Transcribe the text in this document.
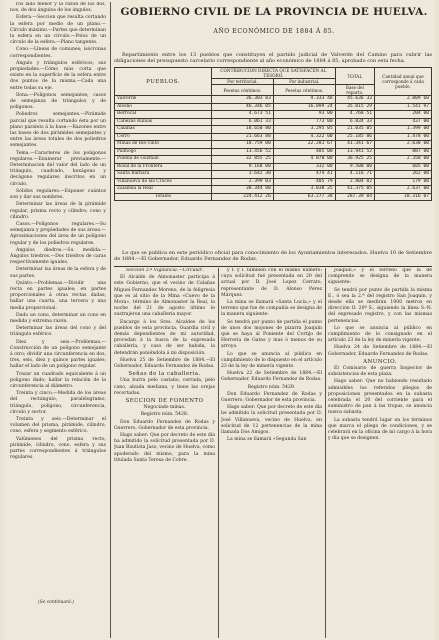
GOBIERNO CIVIL DE LA PROVINCIA DE HUELVA.
AÑO ECONÓMICO DE 1884 Á 85.

Repartimiento entre los 13 pueblos que constituyen el partido judicial de Valverde del Camino para cubrir las obligaciones del presupuesto carcelario correspondiente al año económico de 1884 á 85, aprobado con esta fecha.

PUEBLOS.	CONTRIBUCION DIRECTA QUE SATISFACEN AL TESORO.		TOTAL	Cantidad anual que corresponde á cada pueblo.
	Por territorial.	Por industrial.		
	Pesetas céntimos.	Pesetas céntimos.	Base del reparto.	
Valverde	36.303 83	9.333 48	45.636 33	2.009 60
Alosno	46.346 05	16.099 24	35.015 29	1.541 97
Berrocal	4.673 51	93 00	4.768 51	204 00
Cabezas Rubias	6.061 33	773 00	6.834 33	437 00
Calañas	18.650 80	3.295 05	21.035 05	1.399 00
Cerro	21.663 88	4.322 00	25.185 86	1.478 00
Minas de Río-Tinto	18.759 00	22.281 67	41.341 67	2.630 00
Paimogo	13.456 52	485 00	13.941 52	887 00
Puebla de Guzman	32 855 25	4 070 00	36.925 25	2.350 00
Rosal de la Frontera	9.168 00	332 00	9.500 00	605 00
Santa Barbara	3.642 30	474 41	4.116 71	262 00
Villanueva de las Cruces	2.399 03	405 79	2.804 82	179 00
Zalamea la Real	38.344 80	3.038 25	41.375 05	2.637 00
Totales	224.412 26	63.277 38	287.39 84	18.316 07

Lo que se publica en este periódico oficial para conocimiento de los Ayuntamientos interesados. Huelva 10 de Setiembre de 1884.—El Gobernador, Eduardo Fernandez de Rodas.

ros lado menor y la razon de los dos, nos, de dos ángulos de los ángulos.

Esfera.—Seccion que resulta cortando la esfera por medio de un plano.—Círculo máximo.—Partes que determinan la esfera en un círculo.—Polos de un círculo de la esfera.—Plano tangente.

Cono.—Líneas de comunes; isócronas correspondientes.

Ángulo y triángulos esféricos; sus propiedades.—Cómo más corta que existe en la superficie de la esfera entre dos puntos de la misma.—Cada una entre todas su eje.

Ilona.—Polígonos semejantes; casos de semejanza de triángulos y de polígonos.

Poliedros semejantes.—Pirámide parcial que resulta cortando ésta por un plano paralelo á la base.—Razones entre las bases de dos pirámides semejantes y entre las áreas totales de dos poliedros semejantes.

Tema.—Caracteres de los poligonos regulares.—Enumerar previamente.—Determinacion del valor del lado de un triángulo, cuadrado, hexágono y decágono regulares inscritos en un círculo.

Sólidos regulares.—Exponer cuántos son y dar sus nombres.

Determinar las áreas de la pirámide regular, prisma recto y cilindro; cono y cilindro.

Casos.—Polígonos regulares.—Su semejanza y propiedades de sus áreas.—Aproximaciones del área de un polígono regular y de los poliedros regulares.

Ángulos diedros.—Su medida.—Ángulos triedros.—Dos triedros de caras respectivamente iguales.

Determinar las áreas de la esfera y de sus partes.

Quinto.—Problemas.—Dividir una recta en partes iguales; en partes proporcionales á otras rectas dadas; hallar una cuarta, una tercera y una media proporcional.

Dado un cono, determinar un cono en medida y extrema razón.

Determinar las áreas del cono y del triángulo esférico.

Diez y seis.—Problemas.—Construcción de un polígono semejante á otro; dividir una circunferencia en dos, tres, seis, diez y quince partes iguales; hallar el lado de un polígono regular.

Trazar un cuadrado equivalente á un polígono dado; hallar la relación de la circunferencia al diámetro.

Treinta y cinco.—Medida de los áreas del rectángulo, paralelogramo, triángulo, polígono, circunferencia, círculo y sector.

Treinta y seis.—Determinar el volumen del prisma, pirámide, cilindro, cono, esfera y segmento esférico.

Valúmenes del prisma recto, pirámide, cilindro, cono, esfera y sus partes correspondientes á triángulos regulares.

(Se continuará.)

Seccion 3.ª Vigilancia.—Circular.

El Alcalde de Almonaster participa á este Gobierno, que el vecino de Calañas Miguel Fernandez Moreno, de la feligresía que es al sitio de la Mina «Cuevo de la Mora», término de Almonaster la Real, la noche del 21 de agosto último le sustrajeron una caballería mayor.

Encargo á los Sres. Alcaldes de los pueblos de esta provincia, Guardia civil y demás dependientes de mi autoridad, procedan á la busca de la expresada caballería, y caso de ser habida, la detendrán poniéndola á mi disposición.

Huelva 25 de Setiembre de 1884.—El Gobernador, Eduardo Fernandez de Rodas.

Señas de la caballería.

Una burra pelo castaño, cerrada, pelo cano, alzada mediana, y tiene las orejas recortadas.

SECCION DE FOMENTO

Negociado minas.

Registro núm. 5428.

Don Eduardo Fernandez de Rodas y Guerrero, Gobernador de esta provincia.

Hago saber: Que por decreto de este día ha admitido la solicitud presentada por D. Juan Bautista Jaso, vecino de Huelva, como apoderado del mismo, para la mina titulada Santa Teresa de Cobre.

y f. y l. tambien con el mismo número: cuya solicitud fué presentada en 20 del actual por D. José Lopez Cerrato, representante de D. Alonso Perez Márquez.

La mina se llamará «Santa Lucía,» y el terreno que fue de compañía se designa de la manera siguiente:

Se tendrá por punto de partida el punto de unos dos mojones de pizarra Joaquín que se haya al Poniente del Cortijo de Herrería de Gatos y mas ó menos de su arroyo.

Lo que se anuncia al público en cumplimiento de lo dispuesto en el artículo 23 de la ley de minería vigente.

Huelva 22 de Setiembre de 1884.—El Gobernador, Eduardo Fernandez de Rodas.

Registro núm. 5429.

Don Eduardo Fernandez de Rodas y Guerrero, Gobernador de esta provincia.

Hago saber: Que por decreto de este día he admitido la solicitud presentada por D. José Villanueva, vecino de Huelva, en solicitud de 12 pertenencias de la mina llamada Dos Amigos.

La mina se llamará «Segunda San

Joaquin,» y el terreno que la de comprende se designa de la manera siguiente:

Se tendrá por punto de partida la misma E., ó sea la 2.ª del registro San Joaquin, y desde ella se medirán 1000 metros en dirección O. 20º S., siguiendo la línea S.-N. del expresado registro, y con las mismas pertenencias.

Lo que se anuncia al público en cumplimiento de lo consignado en el artículo 23 de la ley de minería vigente.

Huelva 24 de Setiembre de 1884.—El Gobernador, Eduardo Fernandez de Rodas.

ANUNCIO.

El Comisario de guerra Inspector de subsistencias de esta plaza.

Hago saber: Que no habiendo resultado admisibles los referidos pliegos de proposiciones presentados en la subasta celebrada el 20 del corriente para el suministro de pan á las tropas, se anuncia nueva subasta.

La subasta tendrá lugar en los términos que marca el pliego de condiciones, y se celebrará en la oficina de mi cargo á la hora y día que se designen.
